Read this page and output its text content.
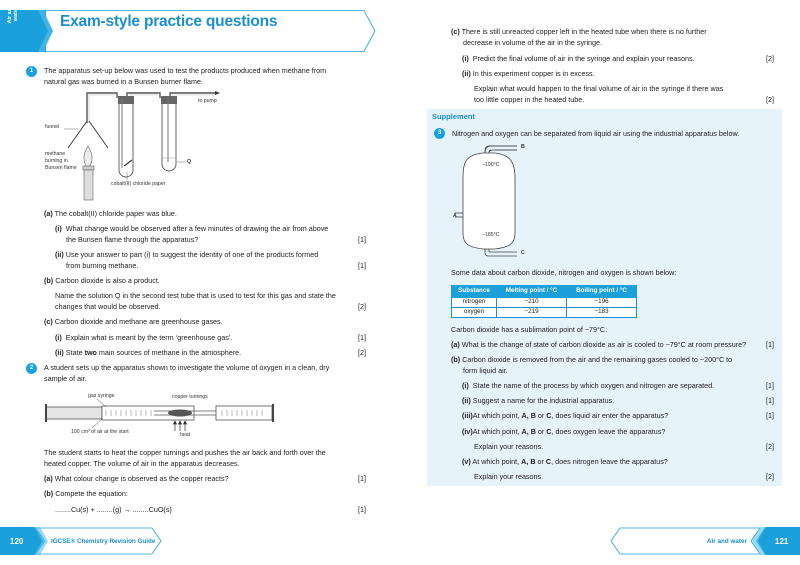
Air and water	Exam-style practice questions
1	The apparatus set-up below was used to test the products produced when methane from
natural gas was burned in a Bunsen burner flame.
to pump
funnel
methane
burning in
Bunsen flame
Q
cobalt(II) chloride paper
(a) The cobalt(II) chloride paper was blue.
(i) What change would be observed after a few minutes of drawing the air from above
the Bunsen flame through the apparatus?	[1]
(ii) Use your answer to part (i) to suggest the identity of one of the products formed
from burning methane.	[1]
(b) Carbon dioxide is also a product.
Name the solution Q in the second test tube that is used to test for this gas and state the
changes that would be observed.	[2]
(c) Carbon dioxide and methane are greenhouse gases.
(i) Explain what is meant by the term ‘greenhouse gas’.	[1]
(ii) State two main sources of methane in the atmosphere.	[2]
2	A student sets up the apparatus shown to investigate the volume of oxygen in a clean, dry
sample of air.
gas syringe	copper turnings
100 cm³ of air at the start	heat
The student starts to heat the copper turnings and pushes the air back and forth over the
heated copper. The volume of air in the apparatus decreases.
(a) What colour change is observed as the copper reacts?	[1]
(b) Compete the equation:
........Cu(s) + ........(g) → ........CuO(s)	[1]
120	IGCSE® Chemistry Revision Guide
(c) There is still unreacted copper left in the heated tube when there is no further
decrease in volume of the air in the syringe.
(i) Predict the final volume of air in the syringe and explain your reasons.	[2]
(ii) In this experiment copper is in excess.
Explain what would happen to the final volume of air in the syringe if there was
too little copper in the heated tube.	[2]
Supplement
3	Nitrogen and oxygen can be separated from liquid air using the industrial apparatus below.
B
−190°C
A
−185°C
C
Some data about carbon dioxide, nitrogen and oxygen is shown below:
Substance	Melting point / °C	Boiling point / °C
nitrogen	−210	−196
oxygen	−219	−183
Carbon dioxide has a sublimation point of −79°C.
(a) What is the change of state of carbon dioxide as air is cooled to −79°C at room pressure?	[1]
(b) Carbon dioxide is removed from the air and the remaining gases cooled to −200°C to
form liquid air.
(i) State the name of the process by which oxygen and nitrogen are separated.	[1]
(ii) Suggest a name for the industrial apparatus.	[1]
(iii)At which point, A, B or C, does liquid air enter the apparatus?	[1]
(iv)At which point, A, B or C, does oxygen leave the apparatus?
Explain your reasons.	[2]
(v) At which point, A, B or C, does nitrogen leave the apparatus?
Explain your reasons.	[2]
Air and water	121
